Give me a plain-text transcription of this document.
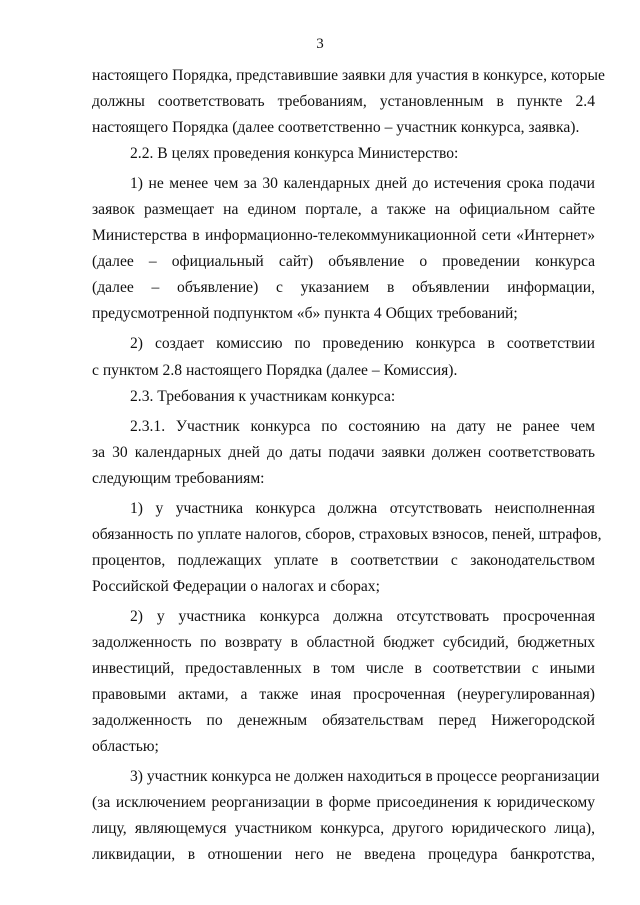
3
настоящего Порядка, представившие заявки для участия в конкурсе, которые
должны соответствовать требованиям, установленным в пункте 2.4
настоящего Порядка (далее соответственно – участник конкурса, заявка).
2.2. В целях проведения конкурса Министерство:
1) не менее чем за 30 календарных дней до истечения срока подачи
заявок размещает на едином портале, а также на официальном сайте
Министерства в информационно-телекоммуникационной сети «Интернет»
(далее – официальный сайт) объявление о проведении конкурса
(далее – объявление) с указанием в объявлении информации,
предусмотренной подпунктом «б» пункта 4 Общих требований;
2) создает комиссию по проведению конкурса в соответствии
с пунктом 2.8 настоящего Порядка (далее – Комиссия).
2.3. Требования к участникам конкурса:
2.3.1. Участник конкурса по состоянию на дату не ранее чем
за 30 календарных дней до даты подачи заявки должен соответствовать
следующим требованиям:
1) у участника конкурса должна отсутствовать неисполненная
обязанность по уплате налогов, сборов, страховых взносов, пеней, штрафов,
процентов, подлежащих уплате в соответствии с законодательством
Российской Федерации о налогах и сборах;
2) у участника конкурса должна отсутствовать просроченная
задолженность по возврату в областной бюджет субсидий, бюджетных
инвестиций, предоставленных в том числе в соответствии с иными
правовыми актами, а также иная просроченная (неурегулированная)
задолженность по денежным обязательствам перед Нижегородской
областью;
3) участник конкурса не должен находиться в процессе реорганизации
(за исключением реорганизации в форме присоединения к юридическому
лицу, являющемуся участником конкурса, другого юридического лица),
ликвидации, в отношении него не введена процедура банкротства,
